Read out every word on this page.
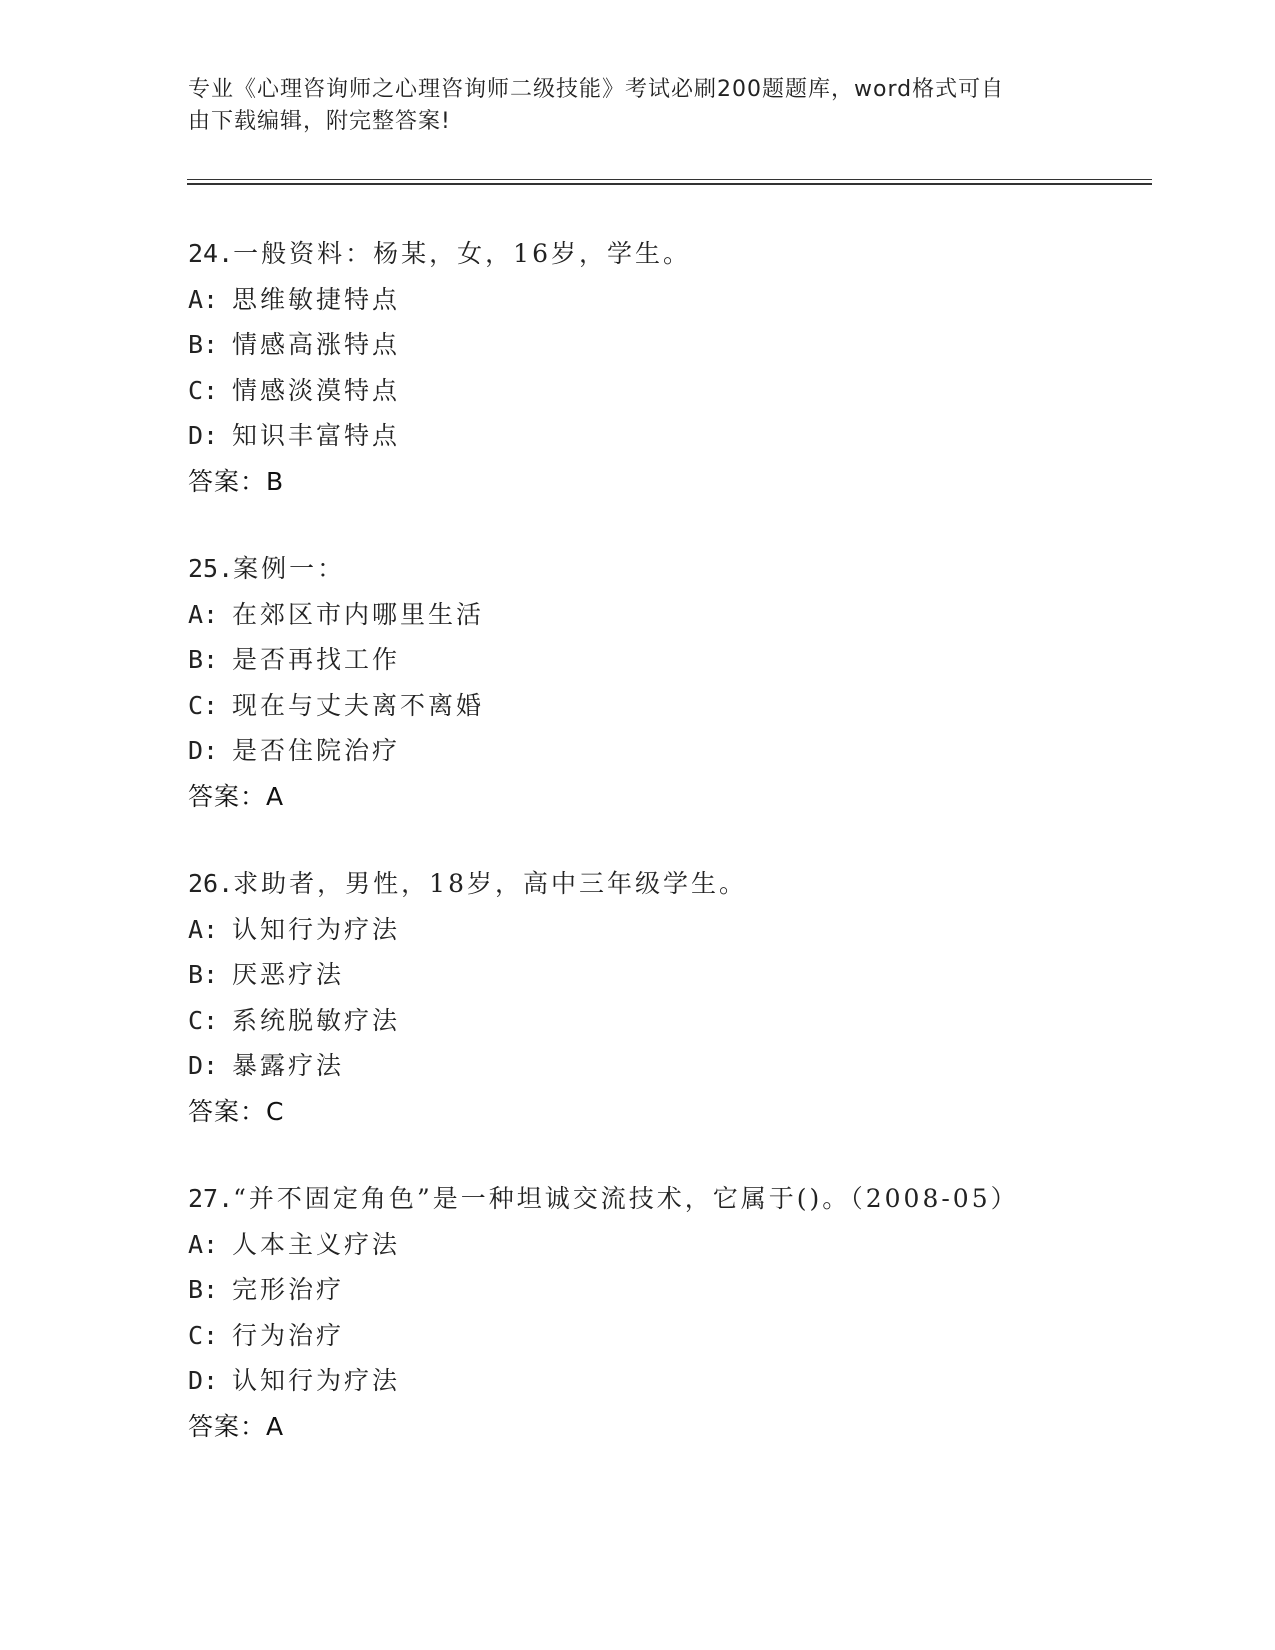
专业《心理咨询师之心理咨询师二级技能》考试必刷200题题库，word格式可自
由下载编辑，附完整答案!
24.一般资料：杨某，女，16岁，学生。
A: 思维敏捷特点
B: 情感高涨特点
C: 情感淡漠特点
D: 知识丰富特点
答案：B
25.案例一：
A: 在郊区市内哪里生活
B: 是否再找工作
C: 现在与丈夫离不离婚
D: 是否住院治疗
答案：A
26.求助者，男性，18岁，高中三年级学生。
A: 认知行为疗法
B: 厌恶疗法
C: 系统脱敏疗法
D: 暴露疗法
答案：C
27.“并不固定角色”是一种坦诚交流技术，它属于()。（2008-05）
A: 人本主义疗法
B: 完形治疗
C: 行为治疗
D: 认知行为疗法
答案：A
